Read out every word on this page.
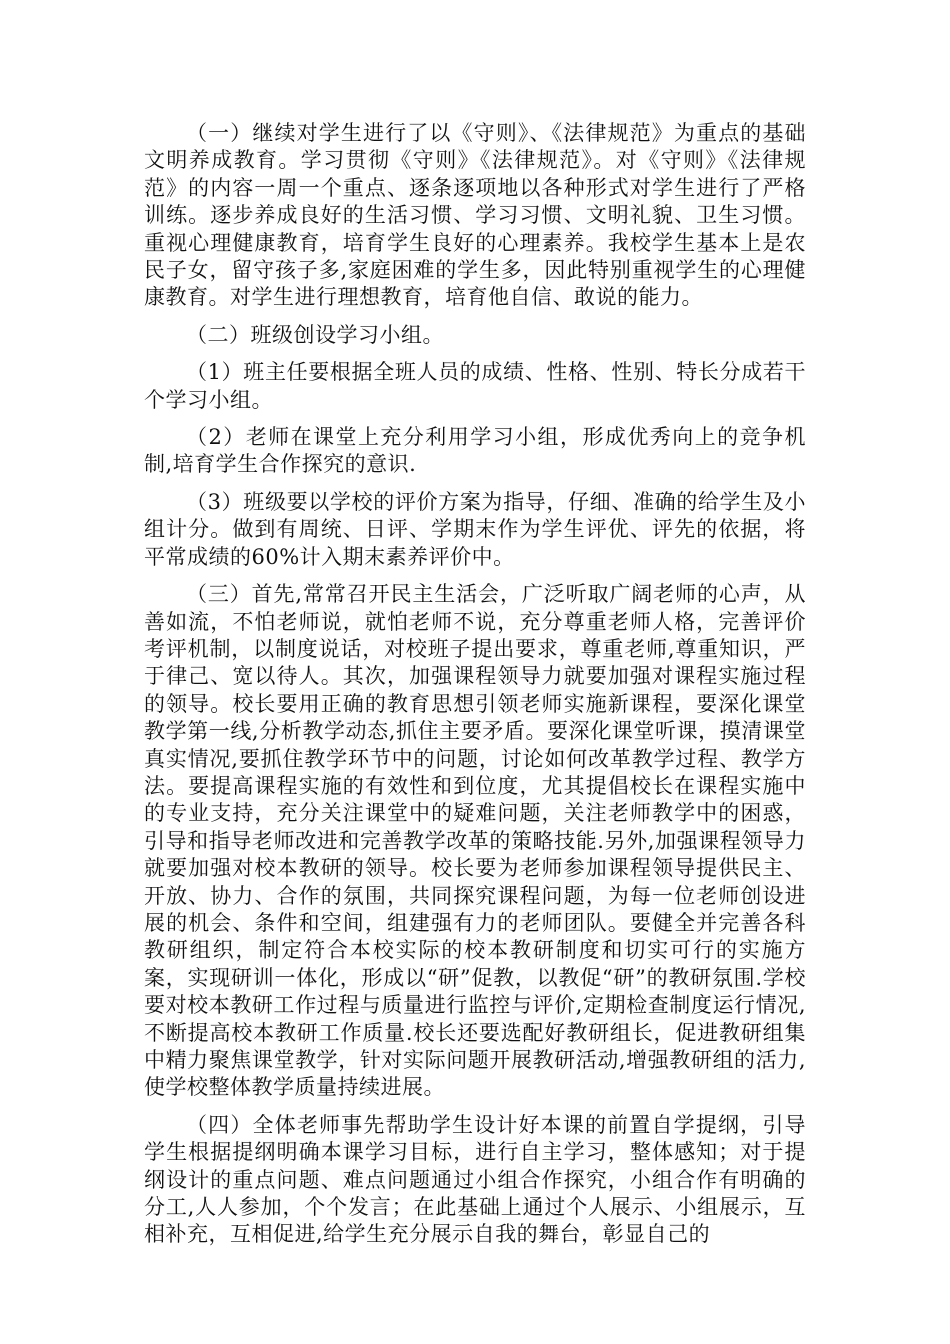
（一）继续对学生进行了以《守则》、《法律规范》为重点的基础文明养成教育。学习贯彻《守则》《法律规范》。对《守则》《法律规范》的内容一周一个重点、逐条逐项地以各种形式对学生进行了严格训练。逐步养成良好的生活习惯、学习习惯、文明礼貌、卫生习惯。重视心理健康教育，培育学生良好的心理素养。我校学生基本上是农民子女，留守孩子多,家庭困难的学生多，因此特别重视学生的心理健康教育。对学生进行理想教育，培育他自信、敢说的能力。

（二）班级创设学习小组。

（1）班主任要根据全班人员的成绩、性格、性别、特长分成若干个学习小组。

（2）老师在课堂上充分利用学习小组，形成优秀向上的竞争机制,培育学生合作探究的意识.

（3）班级要以学校的评价方案为指导，仔细、准确的给学生及小组计分。做到有周统、日评、学期末作为学生评优、评先的依据，将平常成绩的60%计入期末素养评价中。

（三）首先,常常召开民主生活会，广泛听取广阔老师的心声，从善如流，不怕老师说，就怕老师不说，充分尊重老师人格，完善评价考评机制，以制度说话，对校班子提出要求，尊重老师,尊重知识，严于律己、宽以待人。其次，加强课程领导力就要加强对课程实施过程的领导。校长要用正确的教育思想引领老师实施新课程，要深化课堂教学第一线,分析教学动态,抓住主要矛盾。要深化课堂听课，摸清课堂真实情况,要抓住教学环节中的问题，讨论如何改革教学过程、教学方法。要提高课程实施的有效性和到位度，尤其提倡校长在课程实施中的专业支持，充分关注课堂中的疑难问题，关注老师教学中的困惑，引导和指导老师改进和完善教学改革的策略技能.另外,加强课程领导力就要加强对校本教研的领导。校长要为老师参加课程领导提供民主、开放、协力、合作的氛围，共同探究课程问题，为每一位老师创设进展的机会、条件和空间，组建强有力的老师团队。要健全并完善各科教研组织，制定符合本校实际的校本教研制度和切实可行的实施方案，实现研训一体化，形成以“研”促教，以教促“研”的教研氛围.学校要对校本教研工作过程与质量进行监控与评价,定期检查制度运行情况,不断提高校本教研工作质量.校长还要选配好教研组长，促进教研组集中精力聚焦课堂教学，针对实际问题开展教研活动,增强教研组的活力,使学校整体教学质量持续进展。

（四）全体老师事先帮助学生设计好本课的前置自学提纲，引导学生根据提纲明确本课学习目标，进行自主学习，整体感知；对于提纲设计的重点问题、难点问题通过小组合作探究，小组合作有明确的分工,人人参加，个个发言；在此基础上通过个人展示、小组展示，互相补充，互相促进,给学生充分展示自我的舞台，彰显自己的
